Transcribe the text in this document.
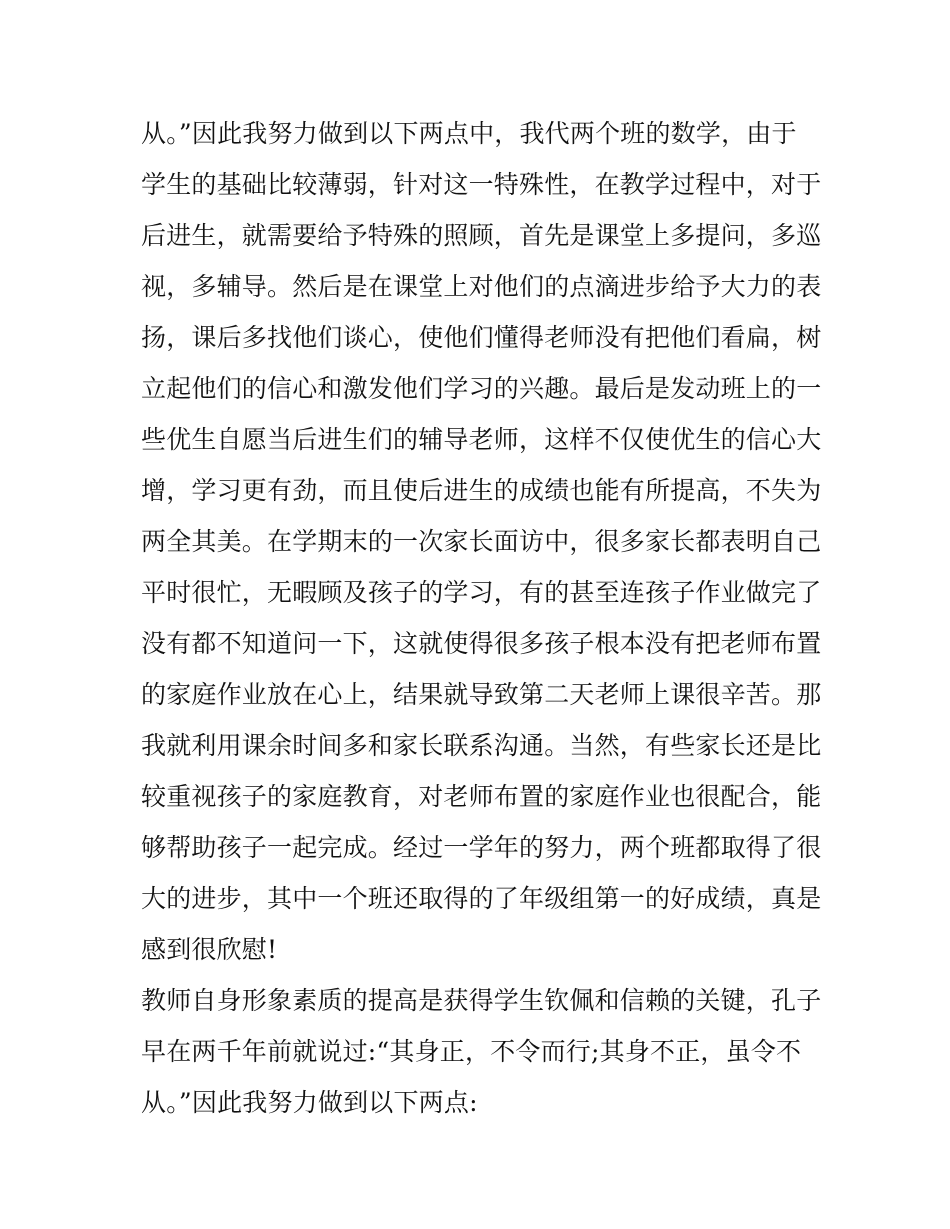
从。”因此我努力做到以下两点中，我代两个班的数学，由于
学生的基础比较薄弱，针对这一特殊性，在教学过程中，对于
后进生，就需要给予特殊的照顾，首先是课堂上多提问，多巡
视，多辅导。然后是在课堂上对他们的点滴进步给予大力的表
扬，课后多找他们谈心，使他们懂得老师没有把他们看扁，树
立起他们的信心和激发他们学习的兴趣。最后是发动班上的一
些优生自愿当后进生们的辅导老师，这样不仅使优生的信心大
增，学习更有劲，而且使后进生的成绩也能有所提高，不失为
两全其美。在学期末的一次家长面访中，很多家长都表明自己
平时很忙，无暇顾及孩子的学习，有的甚至连孩子作业做完了
没有都不知道问一下，这就使得很多孩子根本没有把老师布置
的家庭作业放在心上，结果就导致第二天老师上课很辛苦。那
我就利用课余时间多和家长联系沟通。当然，有些家长还是比
较重视孩子的家庭教育，对老师布置的家庭作业也很配合，能
够帮助孩子一起完成。经过一学年的努力，两个班都取得了很
大的进步，其中一个班还取得的了年级组第一的好成绩，真是
感到很欣慰!
教师自身形象素质的提高是获得学生钦佩和信赖的关键，孔子
早在两千年前就说过:“其身正，不令而行;其身不正，虽令不
从。”因此我努力做到以下两点:
